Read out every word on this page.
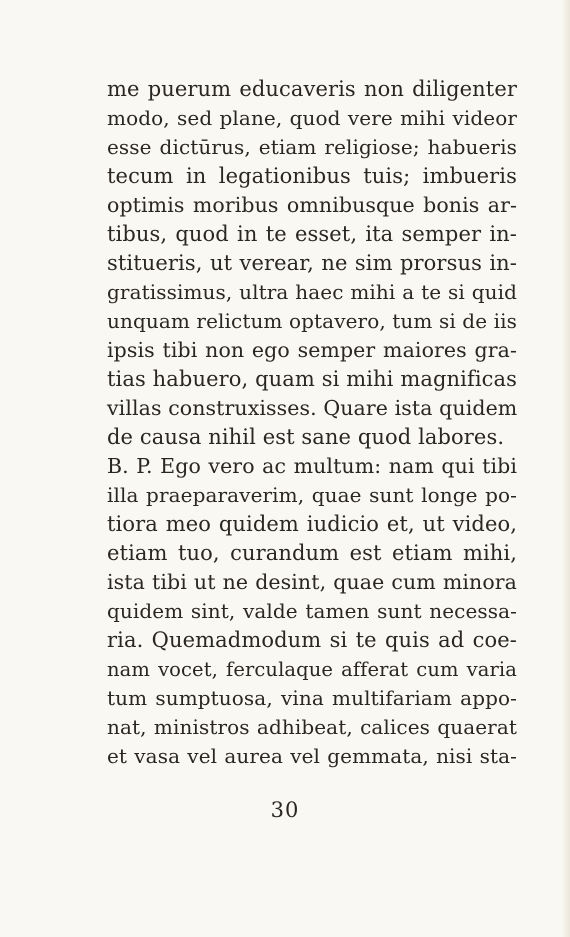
me puerum educaveris non diligenter
modo, sed plane, quod vere mihi videor
esse dictūrus, etiam religiose; habueris
tecum in legationibus tuis; imbueris
optimis moribus omnibusque bonis ar-
tibus, quod in te esset, ita semper in-
stitueris, ut verear, ne sim prorsus in-
gratissimus, ultra haec mihi a te si quid
unquam relictum optavero, tum si de iis
ipsis tibi non ego semper maiores gra-
tias habuero, quam si mihi magnificas
villas construxisses. Quare ista quidem
de causa nihil est sane quod labores.
B. P. Ego vero ac multum: nam qui tibi
illa praeparaverim, quae sunt longe po-
tiora meo quidem iudicio et, ut video,
etiam tuo, curandum est etiam mihi,
ista tibi ut ne desint, quae cum minora
quidem sint, valde tamen sunt necessa-
ria. Quemadmodum si te quis ad coe-
nam vocet, ferculaque afferat cum varia
tum sumptuosa, vina multifariam appo-
nat, ministros adhibeat, calices quaerat
et vasa vel aurea vel gemmata, nisi sta-
30
